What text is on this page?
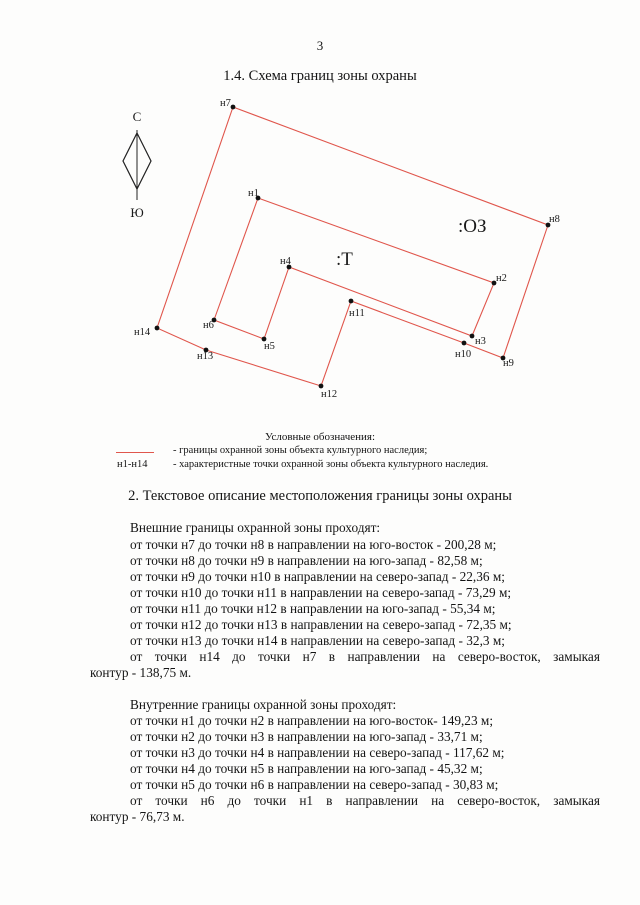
3
1.4. Схема границ зоны охраны
С
Ю
н1
н2
н3
н4
н5
н6
н7
н8
н9
н10
н11
н12
н13
н14
:ОЗ
:Т
Условные обозначения:
- границы охранной зоны объекта культурного наследия;
н1-н14 - характеристные точки охранной зоны объекта культурного наследия.
2. Текстовое описание местоположения границы зоны охраны
Внешние границы охранной зоны проходят:
от точки н7 до точки н8 в направлении на юго-восток - 200,28 м;
от точки н8 до точки н9 в направлении на юго-запад - 82,58 м;
от точки н9 до точки н10 в направлении на северо-запад - 22,36 м;
от точки н10 до точки н11 в направлении на северо-запад - 73,29 м;
от точки н11 до точки н12 в направлении на юго-запад - 55,34 м;
от точки н12 до точки н13 в направлении на северо-запад - 72,35 м;
от точки н13 до точки н14 в направлении на северо-запад - 32,3 м;
от точки н14 до точки н7 в направлении на северо-восток, замыкая
контур - 138,75 м.
Внутренние границы охранной зоны проходят:
от точки н1 до точки н2 в направлении на юго-восток- 149,23 м;
от точки н2 до точки н3 в направлении на юго-запад - 33,71 м;
от точки н3 до точки н4 в направлении на северо-запад - 117,62 м;
от точки н4 до точки н5 в направлении на юго-запад - 45,32 м;
от точки н5 до точки н6 в направлении на северо-запад - 30,83 м;
от точки н6 до точки н1 в направлении на северо-восток, замыкая
контур - 76,73 м.
